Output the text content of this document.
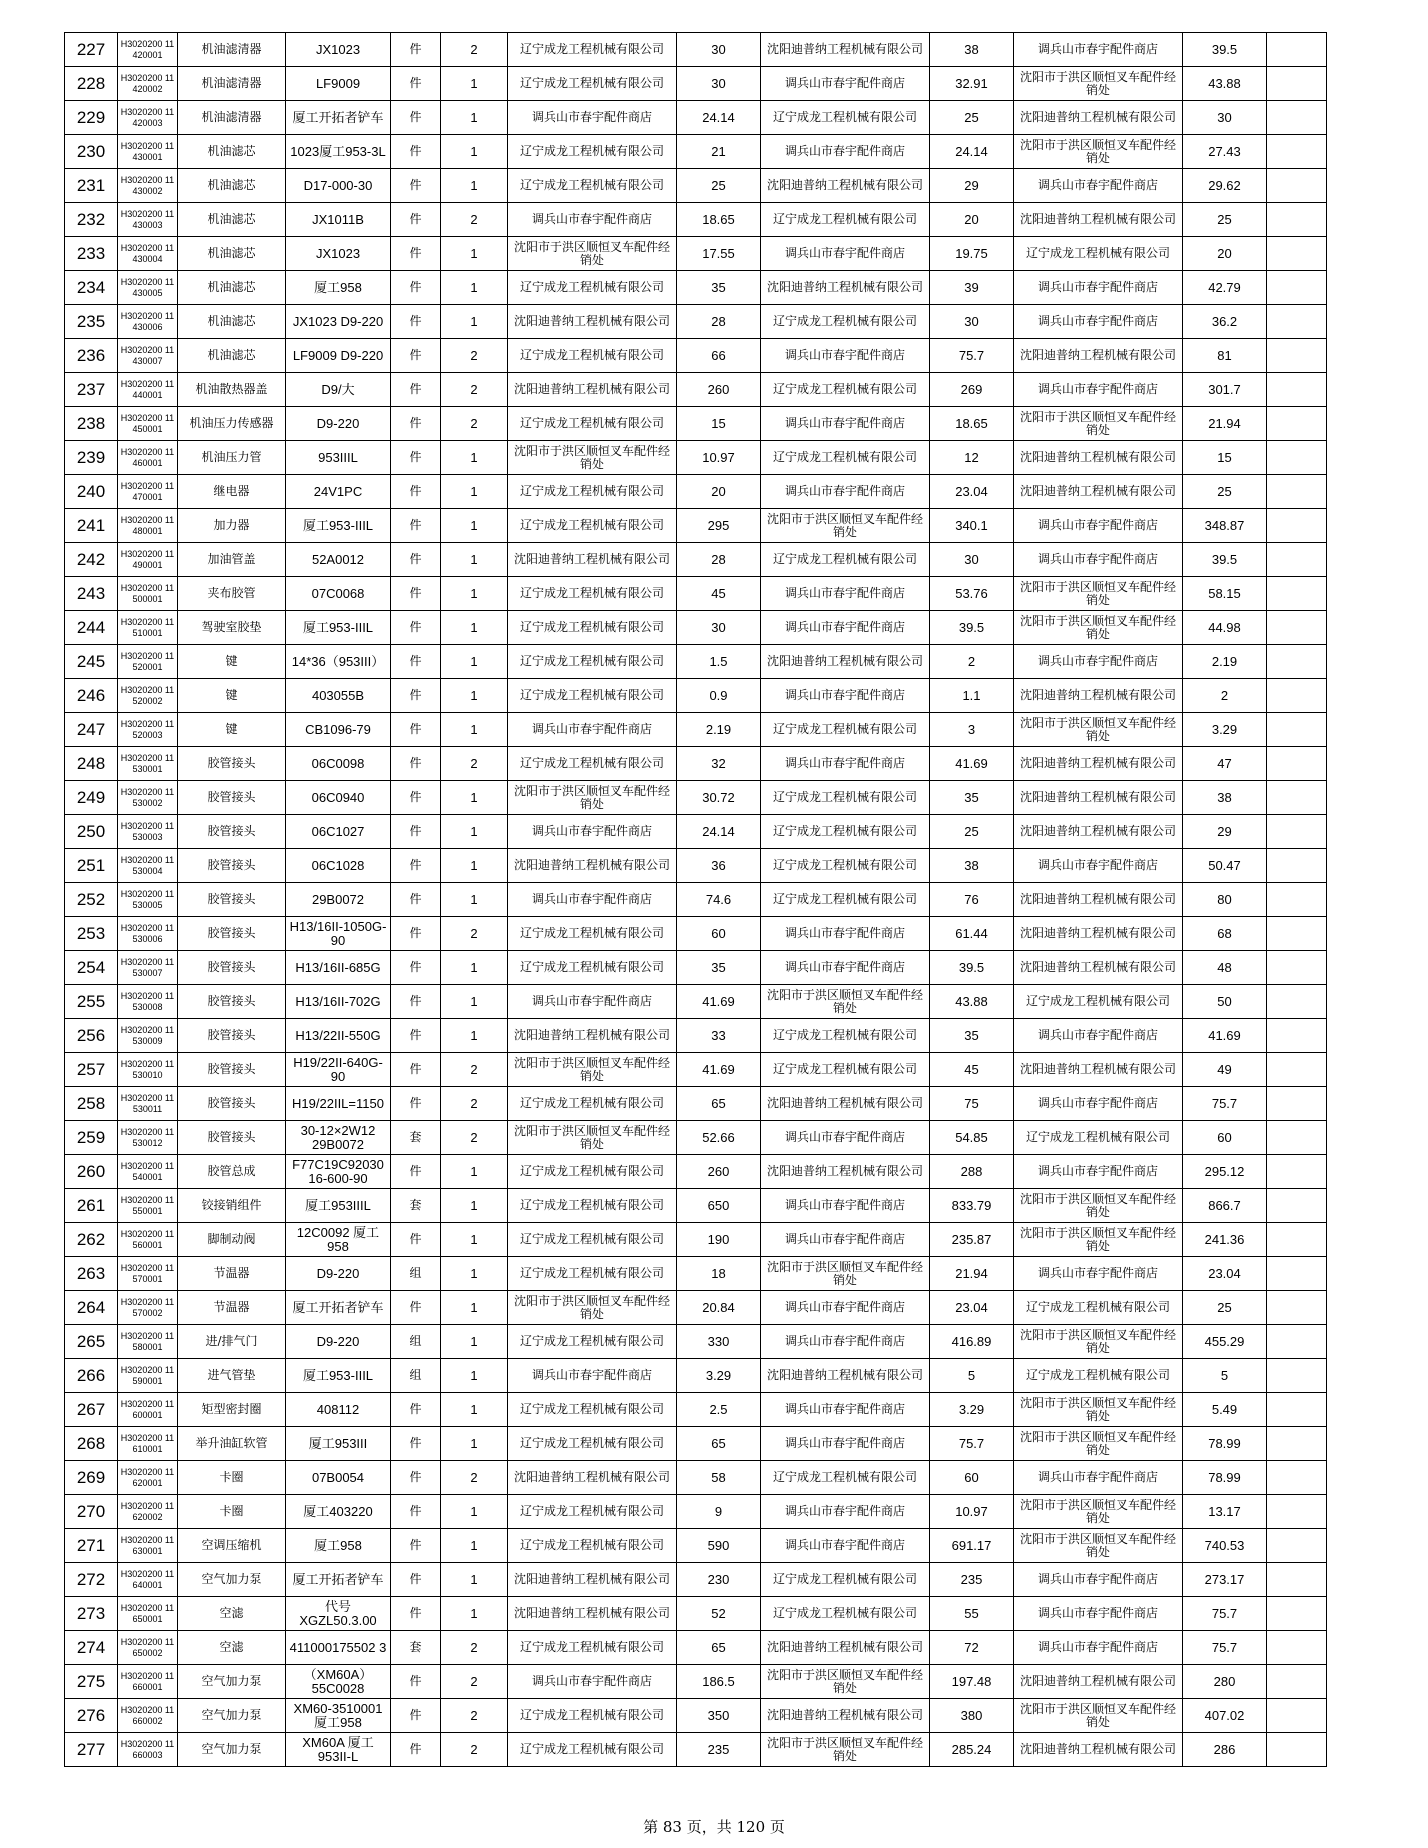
227	H3020200 11420001	机油滤清器	JX1023	件	2	辽宁成龙工程机械有限公司	30	沈阳迪普纳工程机械有限公司	38	调兵山市春宇配件商店	39.5	
228	H3020200 11420002	机油滤清器	LF9009	件	1	辽宁成龙工程机械有限公司	30	调兵山市春宇配件商店	32.91	沈阳市于洪区顺恒叉车配件经销处	43.88	
229	H3020200 11420003	机油滤清器	厦工开拓者铲车	件	1	调兵山市春宇配件商店	24.14	辽宁成龙工程机械有限公司	25	沈阳迪普纳工程机械有限公司	30	
230	H3020200 11430001	机油滤芯	1023厦工953-3L	件	1	辽宁成龙工程机械有限公司	21	调兵山市春宇配件商店	24.14	沈阳市于洪区顺恒叉车配件经销处	27.43	
231	H3020200 11430002	机油滤芯	D17-000-30	件	1	辽宁成龙工程机械有限公司	25	沈阳迪普纳工程机械有限公司	29	调兵山市春宇配件商店	29.62	
232	H3020200 11430003	机油滤芯	JX1011B	件	2	调兵山市春宇配件商店	18.65	辽宁成龙工程机械有限公司	20	沈阳迪普纳工程机械有限公司	25	
233	H3020200 11430004	机油滤芯	JX1023	件	1	沈阳市于洪区顺恒叉车配件经销处	17.55	调兵山市春宇配件商店	19.75	辽宁成龙工程机械有限公司	20	
234	H3020200 11430005	机油滤芯	厦工958	件	1	辽宁成龙工程机械有限公司	35	沈阳迪普纳工程机械有限公司	39	调兵山市春宇配件商店	42.79	
235	H3020200 11430006	机油滤芯	JX1023 D9-220	件	1	沈阳迪普纳工程机械有限公司	28	辽宁成龙工程机械有限公司	30	调兵山市春宇配件商店	36.2	
236	H3020200 11430007	机油滤芯	LF9009 D9-220	件	2	辽宁成龙工程机械有限公司	66	调兵山市春宇配件商店	75.7	沈阳迪普纳工程机械有限公司	81	
237	H3020200 11440001	机油散热器盖	D9/大	件	2	沈阳迪普纳工程机械有限公司	260	辽宁成龙工程机械有限公司	269	调兵山市春宇配件商店	301.7	
238	H3020200 11450001	机油压力传感器	D9-220	件	2	辽宁成龙工程机械有限公司	15	调兵山市春宇配件商店	18.65	沈阳市于洪区顺恒叉车配件经销处	21.94	
239	H3020200 11460001	机油压力管	953IIIL	件	1	沈阳市于洪区顺恒叉车配件经销处	10.97	辽宁成龙工程机械有限公司	12	沈阳迪普纳工程机械有限公司	15	
240	H3020200 11470001	继电器	24V1PC	件	1	辽宁成龙工程机械有限公司	20	调兵山市春宇配件商店	23.04	沈阳迪普纳工程机械有限公司	25	
241	H3020200 11480001	加力器	厦工953-IIIL	件	1	辽宁成龙工程机械有限公司	295	沈阳市于洪区顺恒叉车配件经销处	340.1	调兵山市春宇配件商店	348.87	
242	H3020200 11490001	加油管盖	52A0012	件	1	沈阳迪普纳工程机械有限公司	28	辽宁成龙工程机械有限公司	30	调兵山市春宇配件商店	39.5	
243	H3020200 11500001	夹布胶管	07C0068	件	1	辽宁成龙工程机械有限公司	45	调兵山市春宇配件商店	53.76	沈阳市于洪区顺恒叉车配件经销处	58.15	
244	H3020200 11510001	驾驶室胶垫	厦工953-IIIL	件	1	辽宁成龙工程机械有限公司	30	调兵山市春宇配件商店	39.5	沈阳市于洪区顺恒叉车配件经销处	44.98	
245	H3020200 11520001	键	14*36（953III）	件	1	辽宁成龙工程机械有限公司	1.5	沈阳迪普纳工程机械有限公司	2	调兵山市春宇配件商店	2.19	
246	H3020200 11520002	键	403055B	件	1	辽宁成龙工程机械有限公司	0.9	调兵山市春宇配件商店	1.1	沈阳迪普纳工程机械有限公司	2	
247	H3020200 11520003	键	CB1096-79	件	1	调兵山市春宇配件商店	2.19	辽宁成龙工程机械有限公司	3	沈阳市于洪区顺恒叉车配件经销处	3.29	
248	H3020200 11530001	胶管接头	06C0098	件	2	辽宁成龙工程机械有限公司	32	调兵山市春宇配件商店	41.69	沈阳迪普纳工程机械有限公司	47	
249	H3020200 11530002	胶管接头	06C0940	件	1	沈阳市于洪区顺恒叉车配件经销处	30.72	辽宁成龙工程机械有限公司	35	沈阳迪普纳工程机械有限公司	38	
250	H3020200 11530003	胶管接头	06C1027	件	1	调兵山市春宇配件商店	24.14	辽宁成龙工程机械有限公司	25	沈阳迪普纳工程机械有限公司	29	
251	H3020200 11530004	胶管接头	06C1028	件	1	沈阳迪普纳工程机械有限公司	36	辽宁成龙工程机械有限公司	38	调兵山市春宇配件商店	50.47	
252	H3020200 11530005	胶管接头	29B0072	件	1	调兵山市春宇配件商店	74.6	辽宁成龙工程机械有限公司	76	沈阳迪普纳工程机械有限公司	80	
253	H3020200 11530006	胶管接头	H13/16II-1050G-90	件	2	辽宁成龙工程机械有限公司	60	调兵山市春宇配件商店	61.44	沈阳迪普纳工程机械有限公司	68	
254	H3020200 11530007	胶管接头	H13/16II-685G	件	1	辽宁成龙工程机械有限公司	35	调兵山市春宇配件商店	39.5	沈阳迪普纳工程机械有限公司	48	
255	H3020200 11530008	胶管接头	H13/16II-702G	件	1	调兵山市春宇配件商店	41.69	沈阳市于洪区顺恒叉车配件经销处	43.88	辽宁成龙工程机械有限公司	50	
256	H3020200 11530009	胶管接头	H13/22II-550G	件	1	沈阳迪普纳工程机械有限公司	33	辽宁成龙工程机械有限公司	35	调兵山市春宇配件商店	41.69	
257	H3020200 11530010	胶管接头	H19/22II-640G-90	件	2	沈阳市于洪区顺恒叉车配件经销处	41.69	辽宁成龙工程机械有限公司	45	沈阳迪普纳工程机械有限公司	49	
258	H3020200 11530011	胶管接头	H19/22IIL=1150	件	2	辽宁成龙工程机械有限公司	65	沈阳迪普纳工程机械有限公司	75	调兵山市春宇配件商店	75.7	
259	H3020200 11530012	胶管接头	30-12×2W12 29B0072	套	2	沈阳市于洪区顺恒叉车配件经销处	52.66	调兵山市春宇配件商店	54.85	辽宁成龙工程机械有限公司	60	
260	H3020200 11540001	胶管总成	F77C19C92030 16-600-90	件	1	辽宁成龙工程机械有限公司	260	沈阳迪普纳工程机械有限公司	288	调兵山市春宇配件商店	295.12	
261	H3020200 11550001	铰接销组件	厦工953IIIL	套	1	辽宁成龙工程机械有限公司	650	调兵山市春宇配件商店	833.79	沈阳市于洪区顺恒叉车配件经销处	866.7	
262	H3020200 11560001	脚制动阀	12C0092 厦工958	件	1	辽宁成龙工程机械有限公司	190	调兵山市春宇配件商店	235.87	沈阳市于洪区顺恒叉车配件经销处	241.36	
263	H3020200 11570001	节温器	D9-220	组	1	辽宁成龙工程机械有限公司	18	沈阳市于洪区顺恒叉车配件经销处	21.94	调兵山市春宇配件商店	23.04	
264	H3020200 11570002	节温器	厦工开拓者铲车	件	1	沈阳市于洪区顺恒叉车配件经销处	20.84	调兵山市春宇配件商店	23.04	辽宁成龙工程机械有限公司	25	
265	H3020200 11580001	进/排气门	D9-220	组	1	辽宁成龙工程机械有限公司	330	调兵山市春宇配件商店	416.89	沈阳市于洪区顺恒叉车配件经销处	455.29	
266	H3020200 11590001	进气管垫	厦工953-IIIL	组	1	调兵山市春宇配件商店	3.29	沈阳迪普纳工程机械有限公司	5	辽宁成龙工程机械有限公司	5	
267	H3020200 11600001	矩型密封圈	408112	件	1	辽宁成龙工程机械有限公司	2.5	调兵山市春宇配件商店	3.29	沈阳市于洪区顺恒叉车配件经销处	5.49	
268	H3020200 11610001	举升油缸软管	厦工953III	件	1	辽宁成龙工程机械有限公司	65	调兵山市春宇配件商店	75.7	沈阳市于洪区顺恒叉车配件经销处	78.99	
269	H3020200 11620001	卡圈	07B0054	件	2	沈阳迪普纳工程机械有限公司	58	辽宁成龙工程机械有限公司	60	调兵山市春宇配件商店	78.99	
270	H3020200 11620002	卡圈	厦工403220	件	1	辽宁成龙工程机械有限公司	9	调兵山市春宇配件商店	10.97	沈阳市于洪区顺恒叉车配件经销处	13.17	
271	H3020200 11630001	空调压缩机	厦工958	件	1	辽宁成龙工程机械有限公司	590	调兵山市春宇配件商店	691.17	沈阳市于洪区顺恒叉车配件经销处	740.53	
272	H3020200 11640001	空气加力泵	厦工开拓者铲车	件	1	沈阳迪普纳工程机械有限公司	230	辽宁成龙工程机械有限公司	235	调兵山市春宇配件商店	273.17	
273	H3020200 11650001	空滤	代号 XGZL50.3.00	件	1	沈阳迪普纳工程机械有限公司	52	辽宁成龙工程机械有限公司	55	调兵山市春宇配件商店	75.7	
274	H3020200 11650002	空滤	411000175502 3	套	2	辽宁成龙工程机械有限公司	65	沈阳迪普纳工程机械有限公司	72	调兵山市春宇配件商店	75.7	
275	H3020200 11660001	空气加力泵	（XM60A） 55C0028	件	2	调兵山市春宇配件商店	186.5	沈阳市于洪区顺恒叉车配件经销处	197.48	沈阳迪普纳工程机械有限公司	280	
276	H3020200 11660002	空气加力泵	XM60-3510001 厦工958	件	2	辽宁成龙工程机械有限公司	350	沈阳迪普纳工程机械有限公司	380	沈阳市于洪区顺恒叉车配件经销处	407.02	
277	H3020200 11660003	空气加力泵	XM60A 厦工 953II-L	件	2	辽宁成龙工程机械有限公司	235	沈阳市于洪区顺恒叉车配件经销处	285.24	沈阳迪普纳工程机械有限公司	286	
第 83 页，共 120 页
